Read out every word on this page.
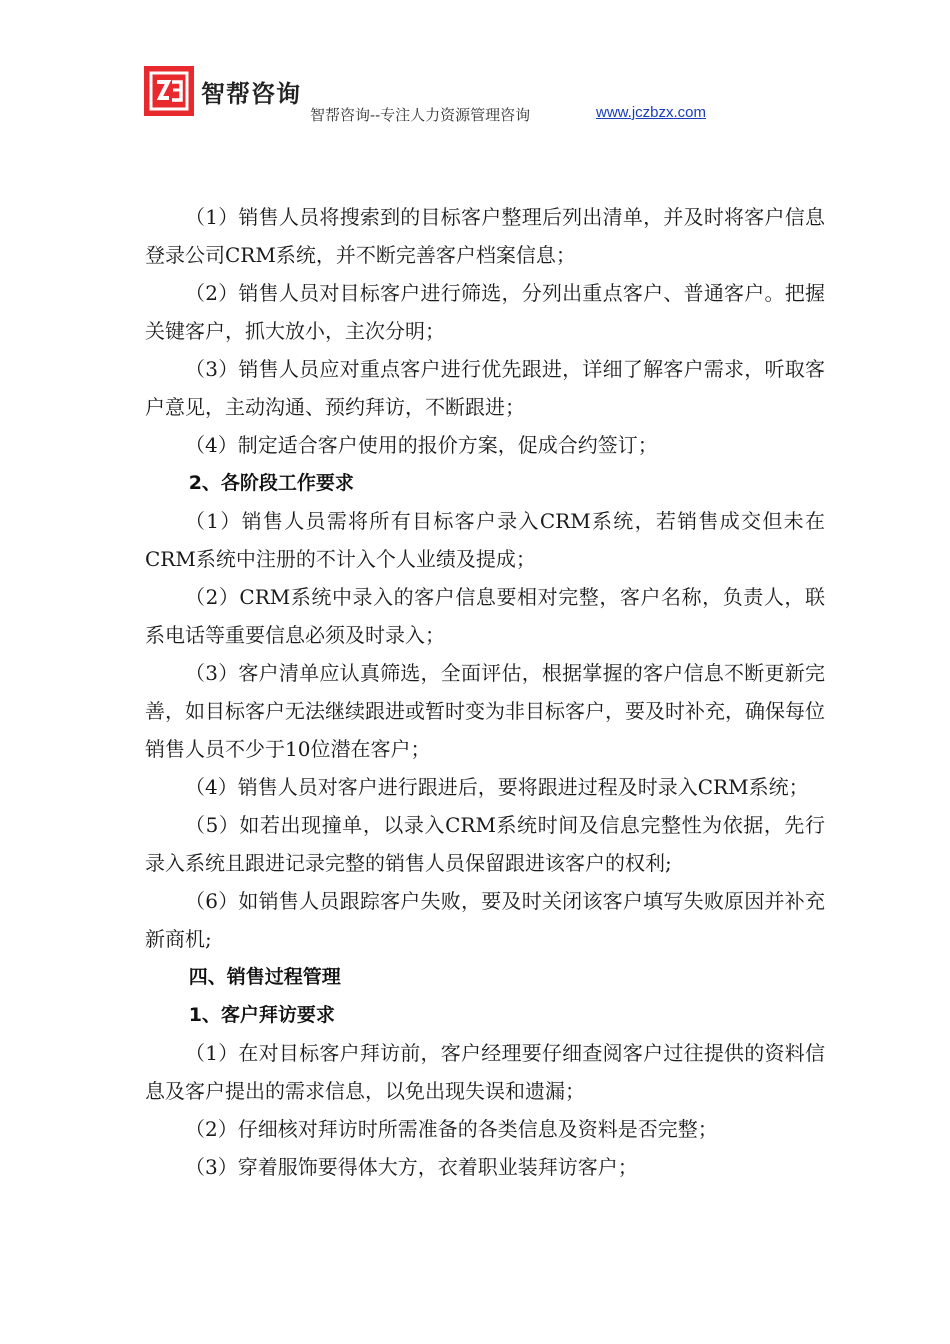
智帮咨询
智帮咨询--专注人力资源管理咨询	www.jczbzx.com

（1）销售人员将搜索到的目标客户整理后列出清单，并及时将客户信息登录公司CRM系统，并不断完善客户档案信息；

（2）销售人员对目标客户进行筛选，分列出重点客户、普通客户。把握关键客户，抓大放小，主次分明；

（3）销售人员应对重点客户进行优先跟进，详细了解客户需求，听取客户意见，主动沟通、预约拜访，不断跟进；

（4）制定适合客户使用的报价方案，促成合约签订；

2、各阶段工作要求

（1）销售人员需将所有目标客户录入CRM系统，若销售成交但未在CRM系统中注册的不计入个人业绩及提成；

（2）CRM系统中录入的客户信息要相对完整，客户名称，负责人，联系电话等重要信息必须及时录入；

（3）客户清单应认真筛选，全面评估，根据掌握的客户信息不断更新完善，如目标客户无法继续跟进或暂时变为非目标客户，要及时补充，确保每位销售人员不少于10位潜在客户；

（4）销售人员对客户进行跟进后，要将跟进过程及时录入CRM系统；

（5）如若出现撞单，以录入CRM系统时间及信息完整性为依据，先行录入系统且跟进记录完整的销售人员保留跟进该客户的权利;

（6）如销售人员跟踪客户失败，要及时关闭该客户填写失败原因并补充新商机;

四、销售过程管理

1、客户拜访要求

（1）在对目标客户拜访前，客户经理要仔细查阅客户过往提供的资料信息及客户提出的需求信息，以免出现失误和遗漏；

（2）仔细核对拜访时所需准备的各类信息及资料是否完整；

（3）穿着服饰要得体大方，衣着职业装拜访客户；
